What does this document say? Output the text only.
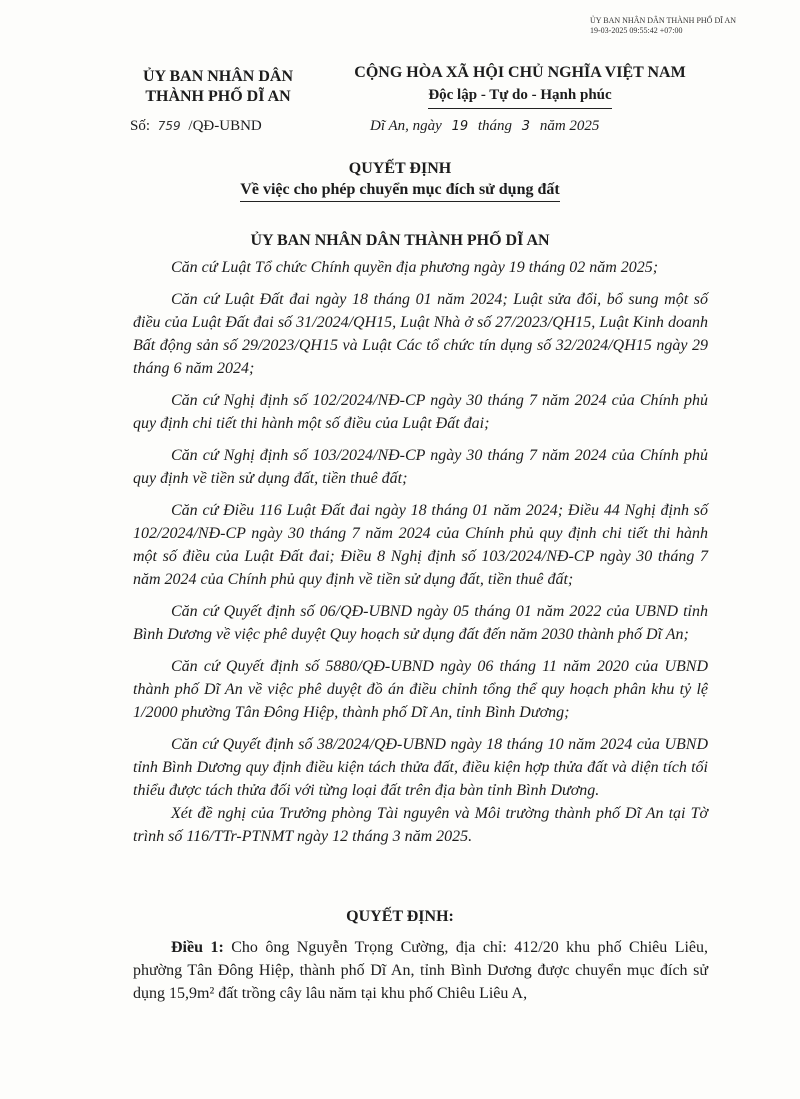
ỦY BAN NHÂN DÂN THÀNH PHỐ DĨ AN
19-03-2025 09:55:42 +07:00
ỦY BAN NHÂN DÂN
THÀNH PHỐ DĨ AN
CỘNG HÒA XÃ HỘI CHỦ NGHĨA VIỆT NAM
Độc lập - Tự do - Hạnh phúc
Số: 759 /QĐ-UBND	Dĩ An, ngày 19 tháng 3 năm 2025
QUYẾT ĐỊNH
Về việc cho phép chuyển mục đích sử dụng đất
ỦY BAN NHÂN DÂN THÀNH PHỐ DĨ AN

Căn cứ Luật Tổ chức Chính quyền địa phương ngày 19 tháng 02 năm 2025;

Căn cứ Luật Đất đai ngày 18 tháng 01 năm 2024; Luật sửa đổi, bổ sung một số điều của Luật Đất đai số 31/2024/QH15, Luật Nhà ở số 27/2023/QH15, Luật Kinh doanh Bất động sản số 29/2023/QH15 và Luật Các tổ chức tín dụng số 32/2024/QH15 ngày 29 tháng 6 năm 2024;

Căn cứ Nghị định số 102/2024/NĐ-CP ngày 30 tháng 7 năm 2024 của Chính phủ quy định chi tiết thi hành một số điều của Luật Đất đai;

Căn cứ Nghị định số 103/2024/NĐ-CP ngày 30 tháng 7 năm 2024 của Chính phủ quy định về tiền sử dụng đất, tiền thuê đất;

Căn cứ Điều 116 Luật Đất đai ngày 18 tháng 01 năm 2024; Điều 44 Nghị định số 102/2024/NĐ-CP ngày 30 tháng 7 năm 2024 của Chính phủ quy định chi tiết thi hành một số điều của Luật Đất đai; Điều 8 Nghị định số 103/2024/NĐ-CP ngày 30 tháng 7 năm 2024 của Chính phủ quy định về tiền sử dụng đất, tiền thuê đất;

Căn cứ Quyết định số 06/QĐ-UBND ngày 05 tháng 01 năm 2022 của UBND tỉnh Bình Dương về việc phê duyệt Quy hoạch sử dụng đất đến năm 2030 thành phố Dĩ An;

Căn cứ Quyết định số 5880/QĐ-UBND ngày 06 tháng 11 năm 2020 của UBND thành phố Dĩ An về việc phê duyệt đồ án điều chỉnh tổng thể quy hoạch phân khu tỷ lệ 1/2000 phường Tân Đông Hiệp, thành phố Dĩ An, tỉnh Bình Dương;

Căn cứ Quyết định số 38/2024/QĐ-UBND ngày 18 tháng 10 năm 2024 của UBND tỉnh Bình Dương quy định điều kiện tách thửa đất, điều kiện hợp thửa đất và diện tích tối thiểu được tách thửa đối với từng loại đất trên địa bàn tỉnh Bình Dương.

Xét đề nghị của Trưởng phòng Tài nguyên và Môi trường thành phố Dĩ An tại Tờ trình số 116/TTr-PTNMT ngày 12 tháng 3 năm 2025.

QUYẾT ĐỊNH:
Điều 1: Cho ông Nguyễn Trọng Cường, địa chỉ: 412/20 khu phố Chiêu Liêu, phường Tân Đông Hiệp, thành phố Dĩ An, tỉnh Bình Dương được chuyển mục đích sử dụng 15,9m² đất trồng cây lâu năm tại khu phố Chiêu Liêu A,
